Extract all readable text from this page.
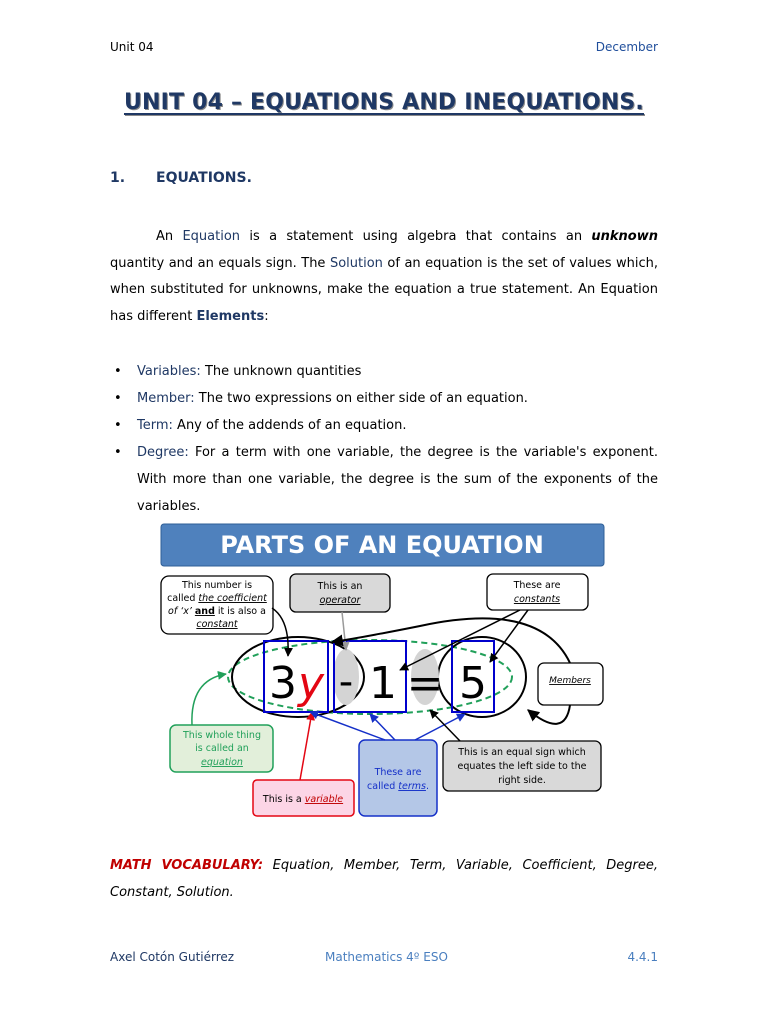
Unit 04	December
UNIT 04 – EQUATIONS AND INEQUATIONS.
1. EQUATIONS.
An Equation is a statement using algebra that contains an unknown quantity and an equals sign. The Solution of an equation is the set of values which, when substituted for unknowns, make the equation a true statement. An Equation has different Elements:
• Variables: The unknown quantities
• Member: The two expressions on either side of an equation.
• Term: Any of the addends of an equation.
• Degree: For a term with one variable, the degree is the variable's exponent. With more than one variable, the degree is the sum of the exponents of the variables.
PARTS OF AN EQUATION
3 y - 1 = 5
This number is
called the coefficient
of ‘x’ and it is also a
constant
This is an
operator
These are
constants
Members
This whole thing
is called an
equation
This is a variable
These are
called terms.
This is an equal sign which
equates the left side to the
right side.
MATH VOCABULARY: Equation, Member, Term, Variable, Coefficient, Degree, Constant, Solution.
Axel Cotón Gutiérrez	Mathematics 4º ESO	4.4.1
